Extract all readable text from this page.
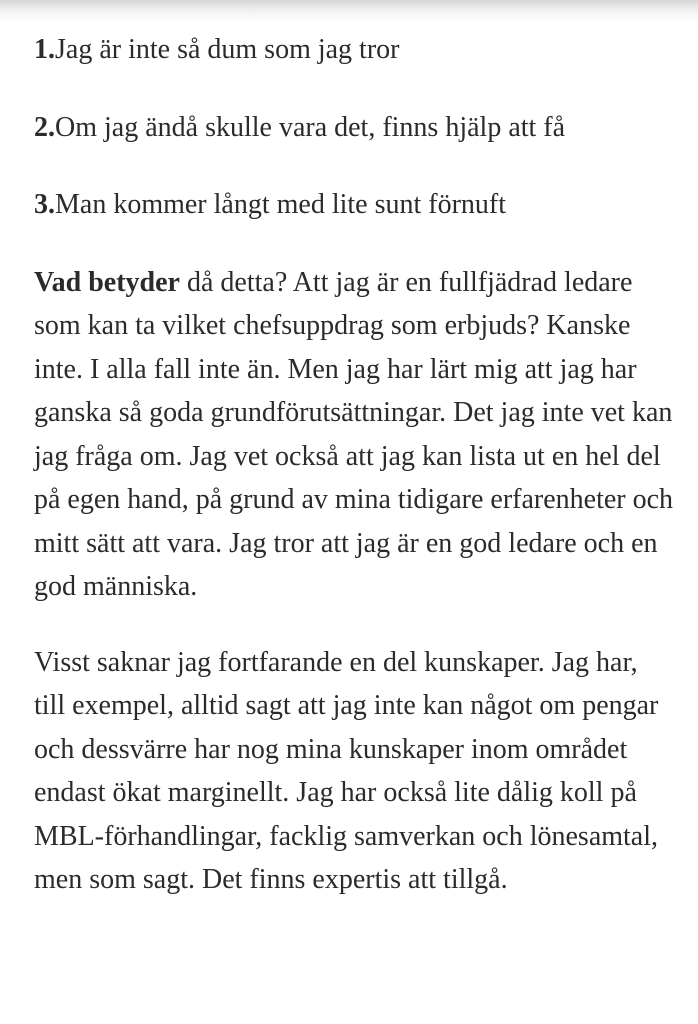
1.Jag är inte så dum som jag tror
2.Om jag ändå skulle vara det, finns hjälp att få
3.Man kommer långt med lite sunt förnuft

Vad betyder då detta? Att jag är en fullfjädrad ledare som kan ta vilket chefsuppdrag som erbjuds? Kanske inte. I alla fall inte än. Men jag har lärt mig att jag har ganska så goda grundförutsättningar. Det jag inte vet kan jag fråga om. Jag vet också att jag kan lista ut en hel del på egen hand, på grund av mina tidigare erfarenheter och mitt sätt att vara. Jag tror att jag är en god ledare och en god människa.

Visst saknar jag fortfarande en del kunskaper. Jag har, till exempel, alltid sagt att jag inte kan något om pengar och dessvärre har nog mina kunskaper inom området endast ökat marginellt. Jag har också lite dålig koll på MBL-förhandlingar, facklig samverkan och lönesamtal, men som sagt. Det finns expertis att tillgå.
